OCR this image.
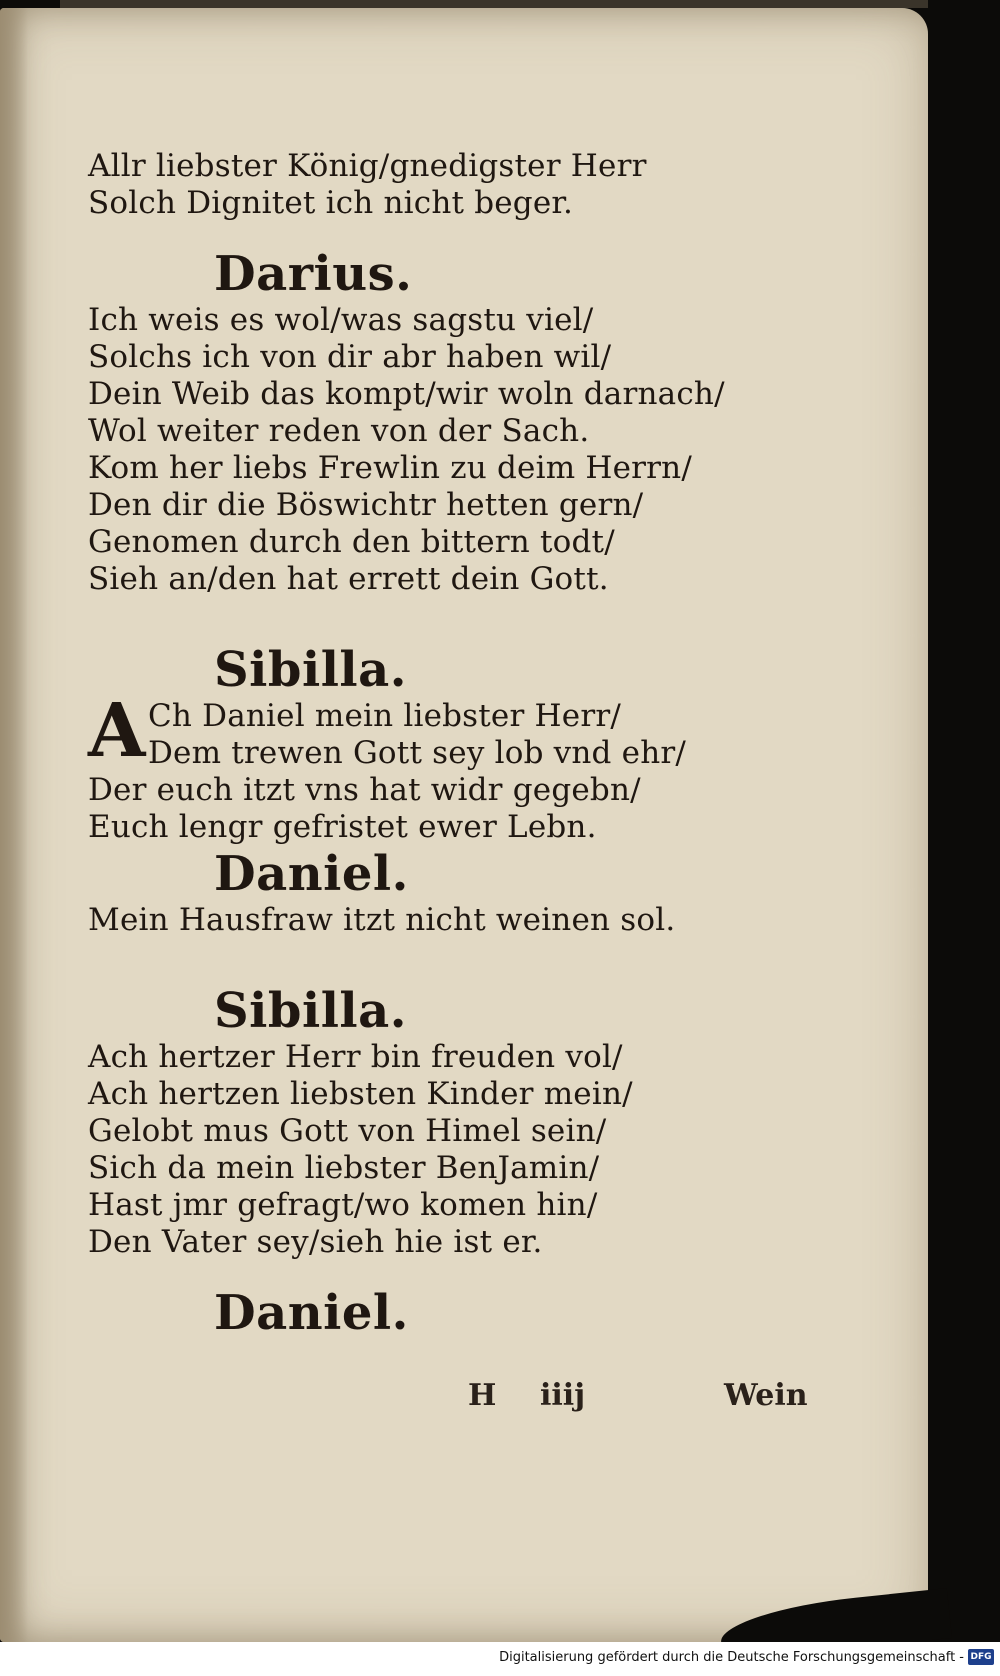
Allr liebster König/gnedigster Herr
Solch Dignitet ich nicht beger.
Darius.
Ich weis es wol/was sagstu viel/
Solchs ich von dir abr haben wil/
Dein Weib das kompt/wir woln darnach/
Wol weiter reden von der Sach.
Kom her liebs Frewlin zu deim Herrn/
Den dir die Böswichtr hetten gern/
Genomen durch den bittern todt/
Sieh an/den hat errett dein Gott.
Sibilla.
A Ch Daniel mein liebster Herr/
Dem trewen Gott sey lob vnd ehr/
Der euch itzt vns hat widr gegebn/
Euch lengr gefristet ewer Lebn.
Daniel.
Mein Hausfraw itzt nicht weinen sol.
Sibilla.
Ach hertzer Herr bin freuden vol/
Ach hertzen liebsten Kinder mein/
Gelobt mus Gott von Himel sein/
Sich da mein liebster BenJamin/
Hast jmr gefragt/wo komen hin/
Den Vater sey/sieh hie ist er.
Daniel.
H iiij	Wein
Digitalisierung gefördert durch die Deutsche Forschungsgemeinschaft - DFG
